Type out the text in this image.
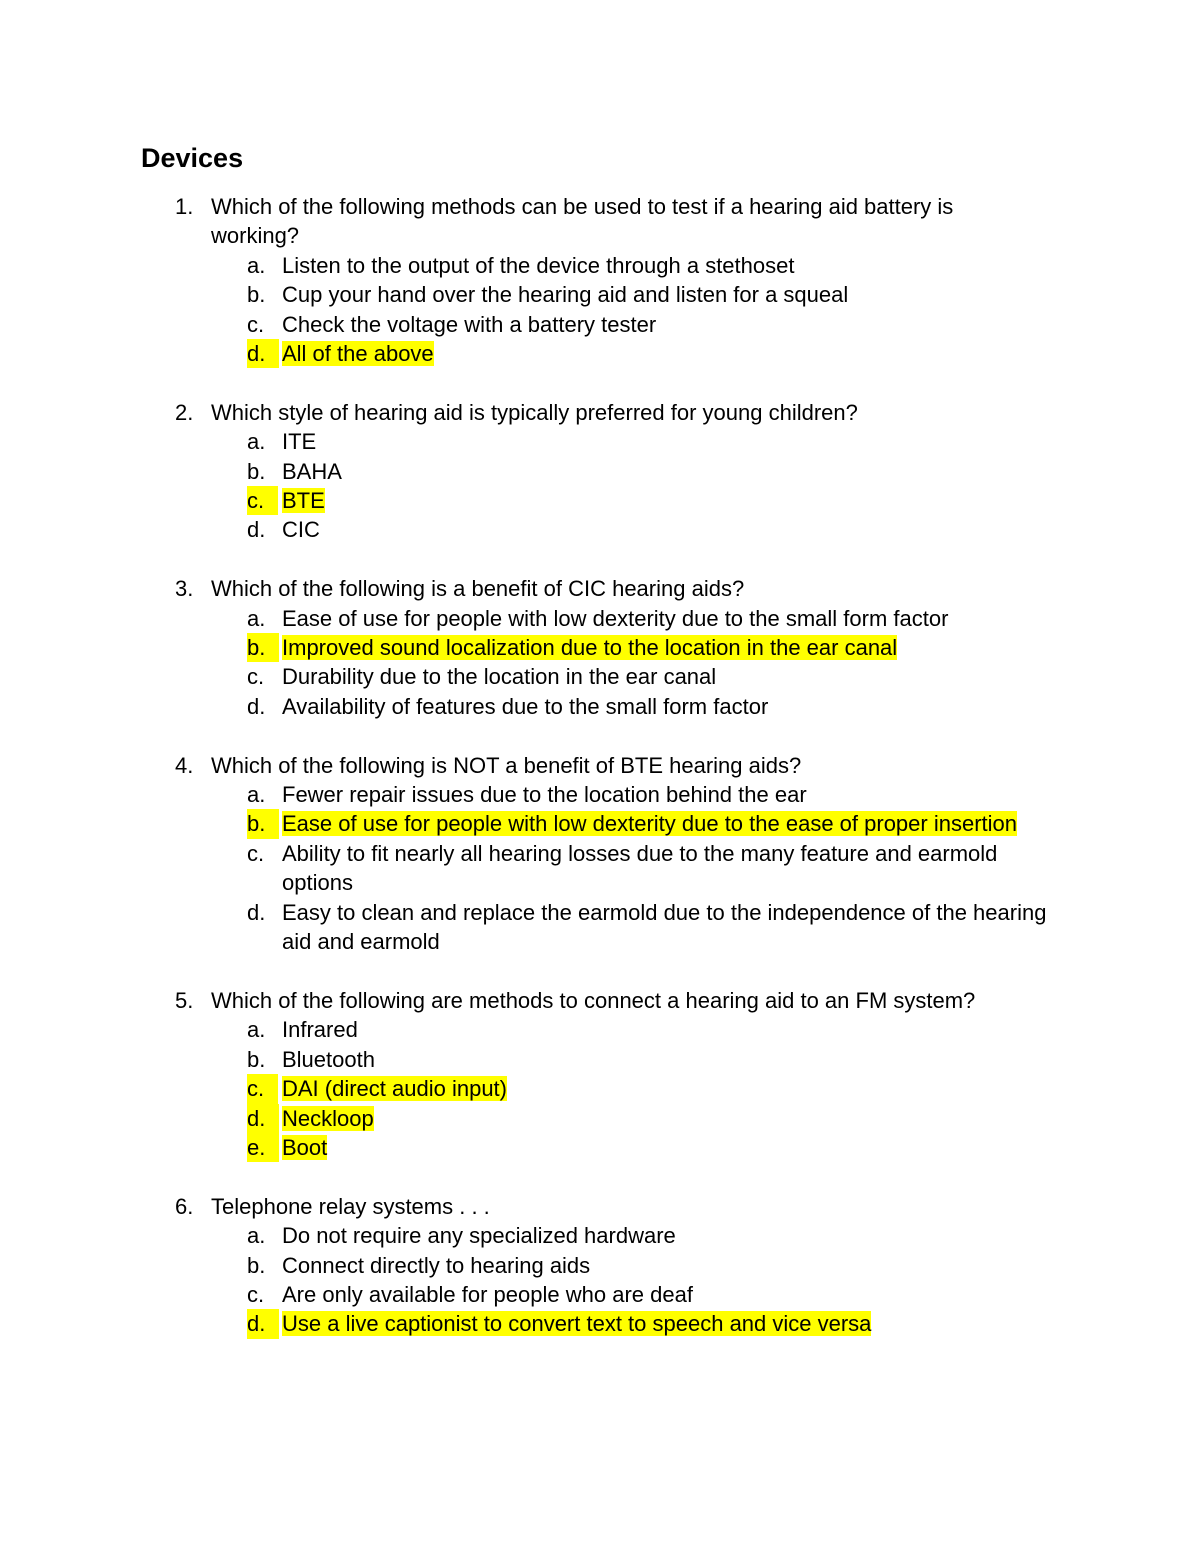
Devices
1. Which of the following methods can be used to test if a hearing aid battery is working?
a. Listen to the output of the device through a stethoset
b. Cup your hand over the hearing aid and listen for a squeal
c. Check the voltage with a battery tester
d. All of the above
2. Which style of hearing aid is typically preferred for young children?
a. ITE
b. BAHA
c. BTE
d. CIC
3. Which of the following is a benefit of CIC hearing aids?
a. Ease of use for people with low dexterity due to the small form factor
b. Improved sound localization due to the location in the ear canal
c. Durability due to the location in the ear canal
d. Availability of features due to the small form factor
4. Which of the following is NOT a benefit of BTE hearing aids?
a. Fewer repair issues due to the location behind the ear
b. Ease of use for people with low dexterity due to the ease of proper insertion
c. Ability to fit nearly all hearing losses due to the many feature and earmold options
d. Easy to clean and replace the earmold due to the independence of the hearing aid and earmold
5. Which of the following are methods to connect a hearing aid to an FM system?
a. Infrared
b. Bluetooth
c. DAI (direct audio input)
d. Neckloop
e. Boot
6. Telephone relay systems . . .
a. Do not require any specialized hardware
b. Connect directly to hearing aids
c. Are only available for people who are deaf
d. Use a live captionist to convert text to speech and vice versa
